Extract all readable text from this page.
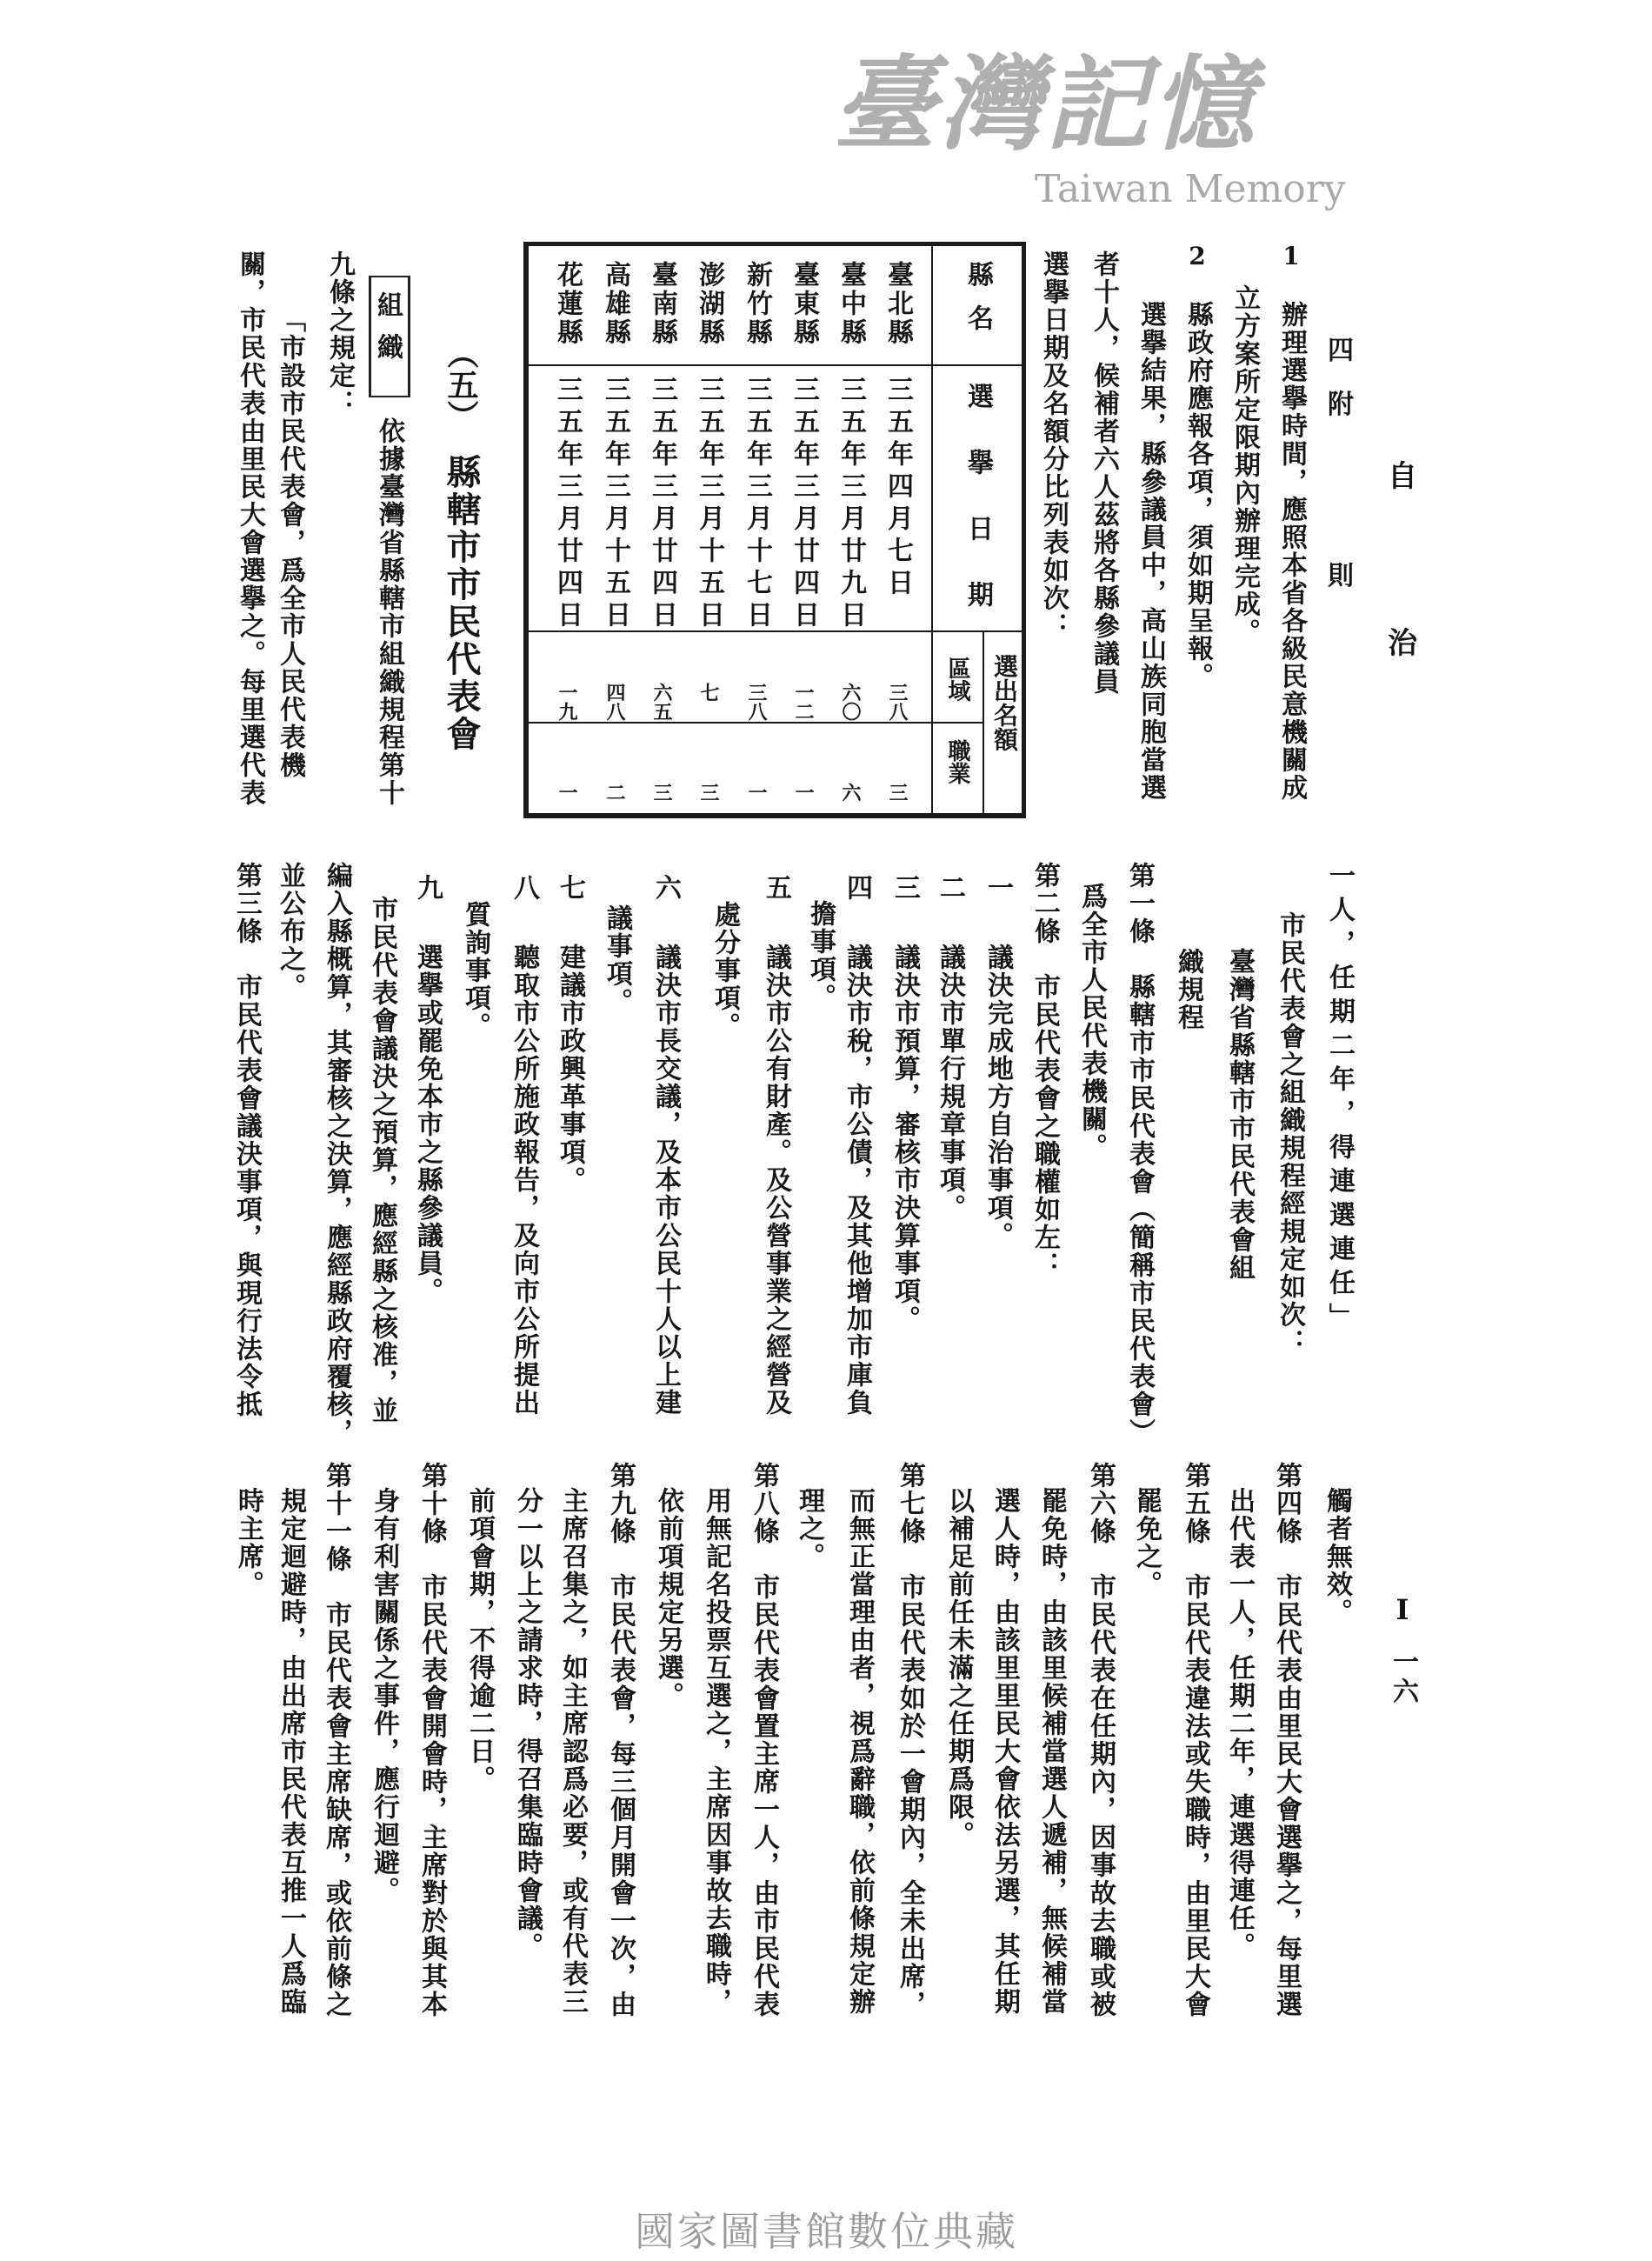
臺灣記憶
Taiwan Memory
自
治
四
附
則
I
一六
1
辦理選擧時間，應照本省各級民意機關成
立方案所定限期內辦理完成。
2
縣政府應報各項，須如期呈報。
選擧結果，縣參議員中，高山族同胞當選
者十人，候補者六人茲將各縣參議員
選擧日期及名額分比列表如次：
縣名
選擧日期
選出名額
區域
職業
臺北縣
三五年四月七日
三八
三
臺中縣
三五年三月廿九日
六〇
六
臺東縣
三五年三月廿四日
一二
一
新竹縣
三五年三月十七日
三八
一
澎湖縣
三五年三月十五日
七
三
臺南縣
三五年三月廿四日
六五
三
高雄縣
三五年三月十五日
四八
二
花蓮縣
三五年三月廿四日
一九
一
（五）
縣轄市市民代表會
組織
依據臺灣省縣轄市組織規程第十
九條之規定：
「市設市民代表會，爲全市人民代表機
關，市民代表由里民大會選擧之。每里選代表
一人，任期二年，得連選連任」
市民代表會之組織規程經規定如次：
臺灣省縣轄市市民代表會組
織規程
第一條　縣轄市市民代表會（簡稱市民代表會）
爲全市人民代表機關。
第二條　市民代表會之職權如左：
一
議決完成地方自治事項。
二
議決市單行規章事項。
三
議決市預算，審核市決算事項。
四
議決市稅，市公債，及其他增加市庫負
擔事項。
五
議決市公有財產。及公營事業之經營及
處分事項。
六
議決市長交議，及本市公民十人以上建
議事項。
七
建議市政興革事項。
八
聽取市公所施政報告，及向市公所提出
質詢事項。
九
選擧或罷免本市之縣參議員。
市民代表會議決之預算，應經縣之核准，並
編入縣概算，其審核之決算，應經縣政府覆核，
並公布之。
第三條　市民代表會議決事項，與現行法令抵
觸者無效。
第四條　市民代表由里民大會選擧之，每里選
出代表一人，任期二年，連選得連任。
第五條　市民代表違法或失職時，由里民大會
罷免之。
第六條　市民代表在任期內，因事故去職或被
罷免時，由該里候補當選人遞補，無候補當
選人時，由該里里民大會依法另選，其任期
以補足前任未滿之任期爲限。
第七條　市民代表如於一會期內，全未出席，
而無正當理由者，視爲辭職，依前條規定辦
理之。
第八條　市民代表會置主席一人，由市民代表
用無記名投票互選之，主席因事故去職時，
依前項規定另選。
第九條　市民代表會，每三個月開會一次，由
主席召集之，如主席認爲必要，或有代表三
分一以上之請求時，得召集臨時會議。
前項會期，不得逾二日。
第十條　市民代表會開會時，主席對於與其本
身有利害關係之事件，應行迴避。
第十一條　市民代表會主席缺席，或依前條之
規定迴避時，由出席市民代表互推一人爲臨
時主席。
國家圖書館數位典藏
